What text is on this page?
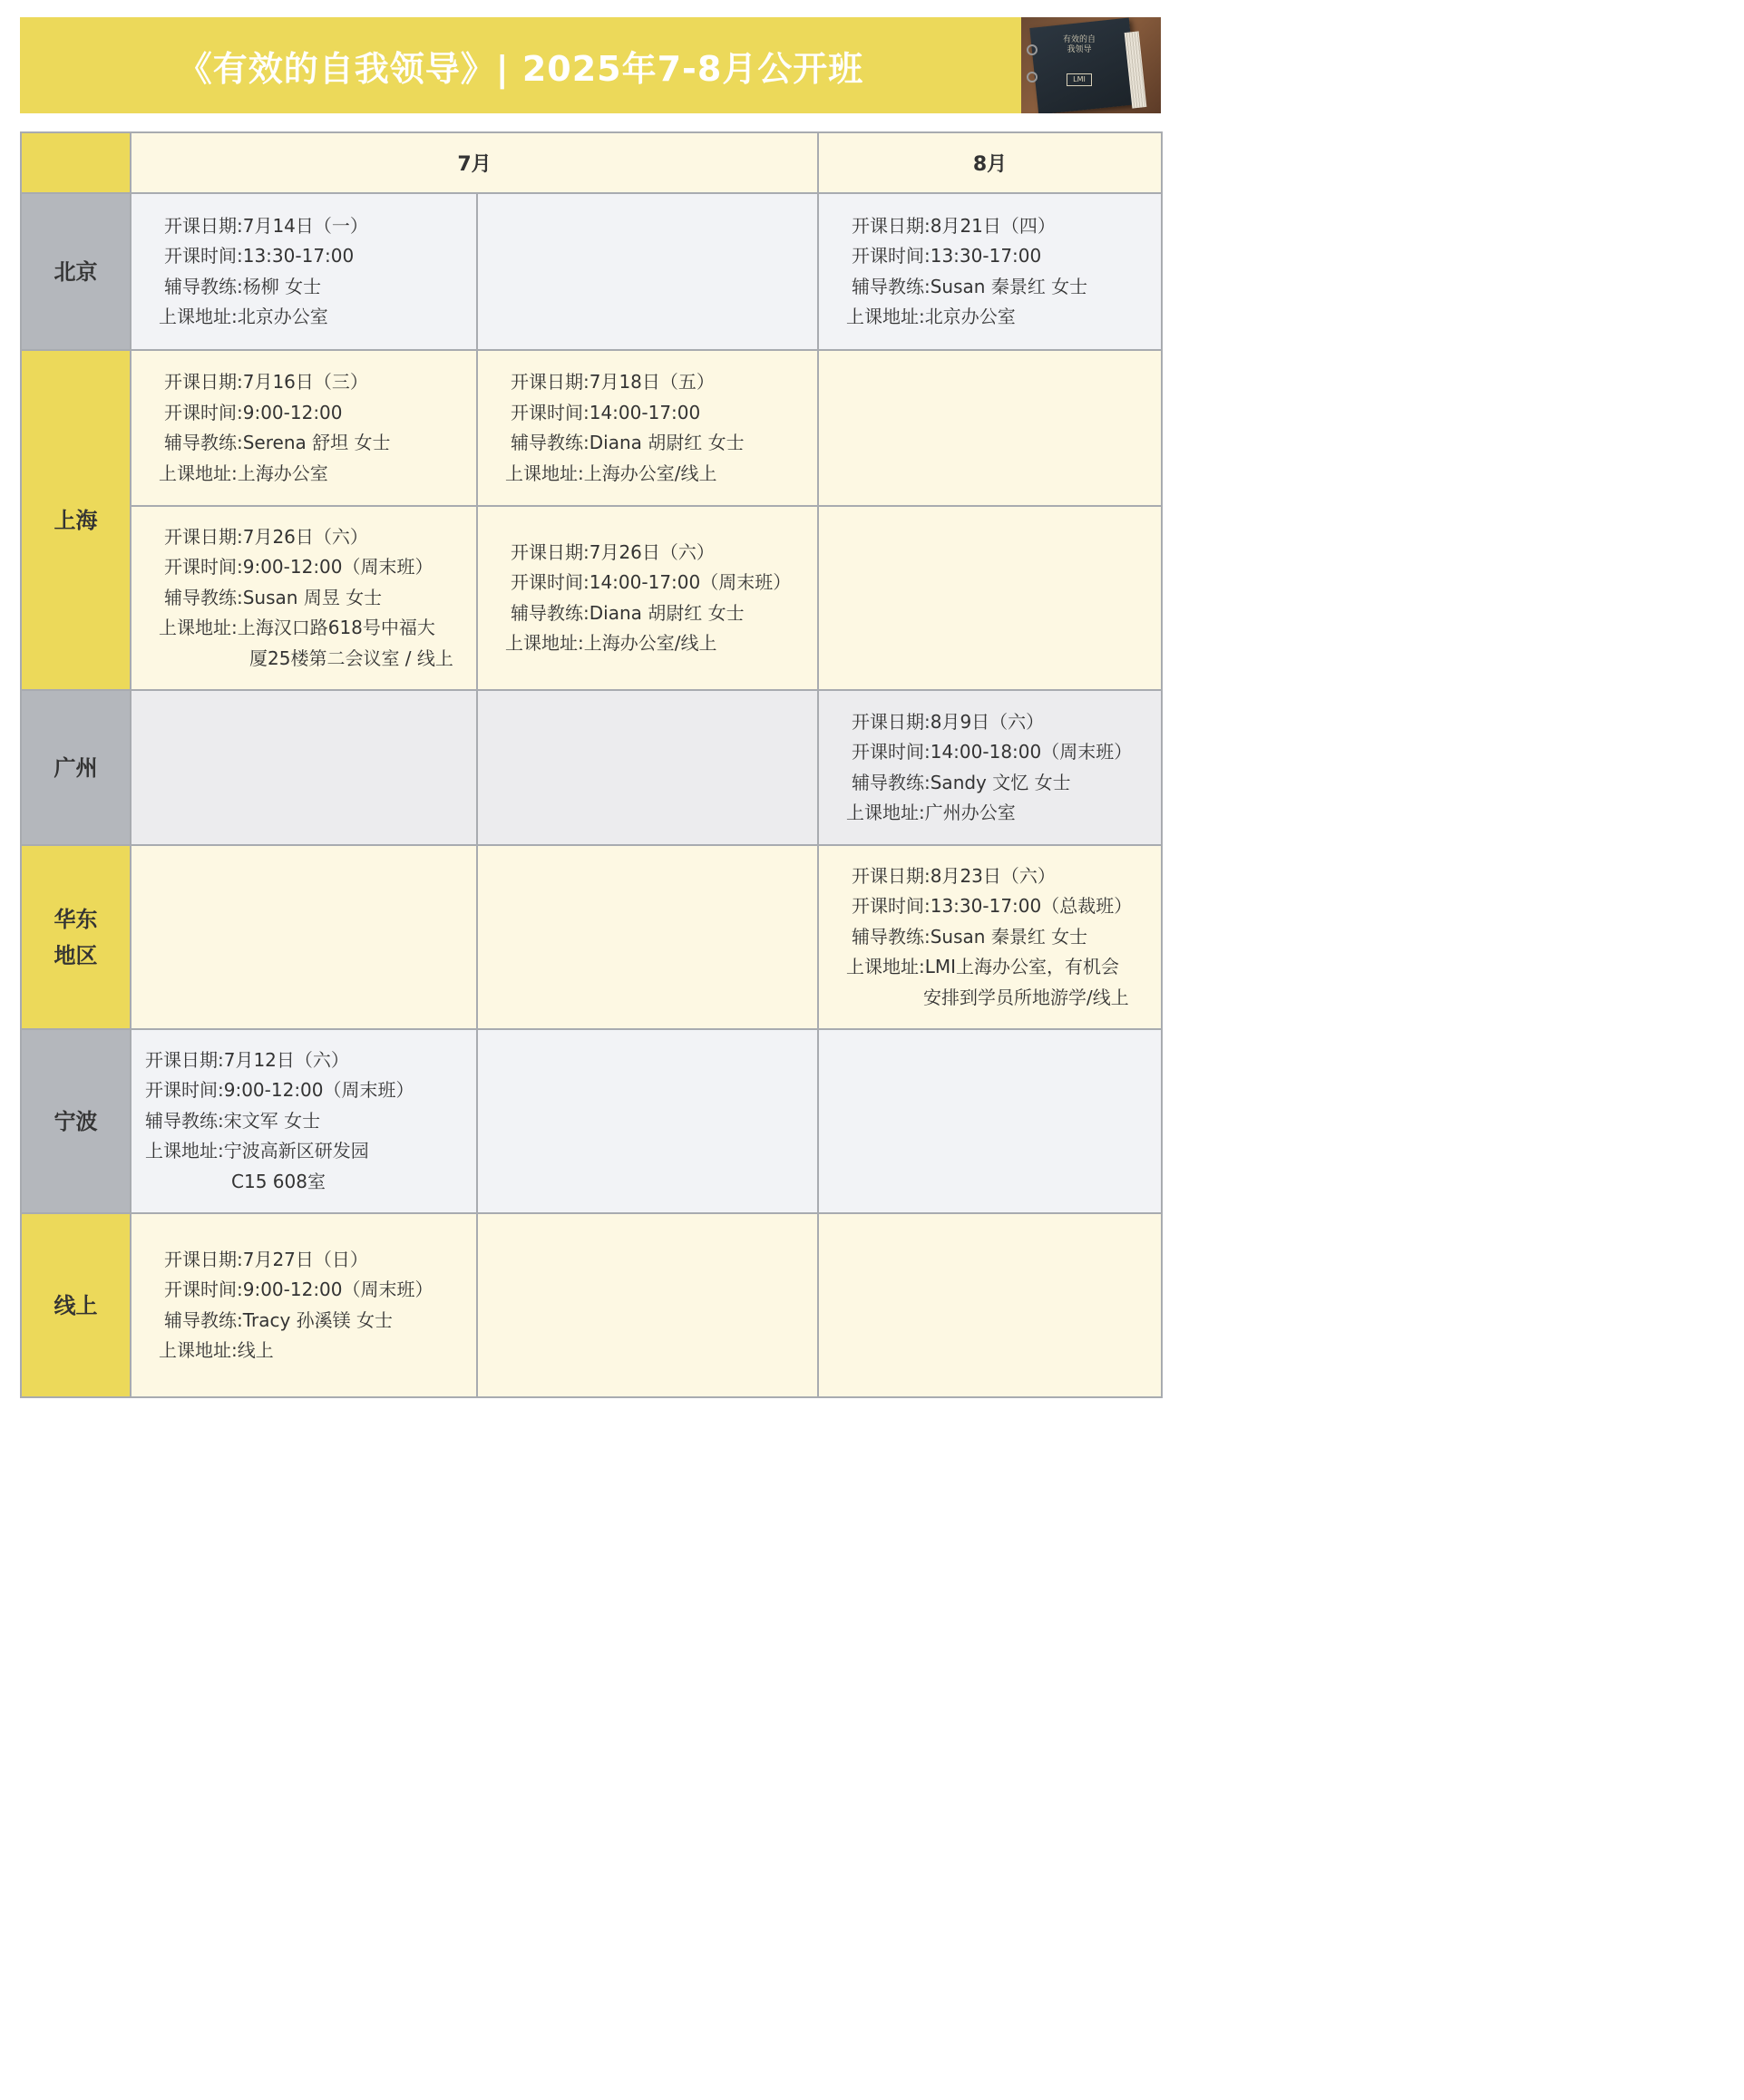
《有效的自我领导》| 2025年7-8月公开班
有效的自我领导
LMI
	7月		8月
北京	开课日期:7月14日（一）
开课时间:13:30-17:00
辅导教练:杨柳 女士
上课地址:北京办公室		开课日期:8月21日（四）
开课时间:13:30-17:00
辅导教练:Susan 秦景红 女士
上课地址:北京办公室

上海	开课日期:7月16日（三）
开课时间:9:00-12:00
辅导教练:Serena 舒坦 女士
上课地址:上海办公室	开课日期:7月18日（五）
开课时间:14:00-17:00
辅导教练:Diana 胡尉红 女士
上课地址:上海办公室/线上	

	开课日期:7月26日（六）
开课时间:9:00-12:00（周末班）
辅导教练:Susan 周昱 女士
上课地址:上海汉口路618号中福大
厦25楼第二会议室 / 线上	开课日期:7月26日（六）
开课时间:14:00-17:00（周末班）
辅导教练:Diana 胡尉红 女士
上课地址:上海办公室/线上	

广州			开课日期:8月9日（六）
开课时间:14:00-18:00（周末班）
辅导教练:Sandy 文忆 女士
上课地址:广州办公室

华东
地区			开课日期:8月23日（六）
开课时间:13:30-17:00（总裁班）
辅导教练:Susan 秦景红 女士
上课地址:LMI上海办公室，有机会
安排到学员所地游学/线上

宁波	开课日期:7月12日（六）
开课时间:9:00-12:00（周末班）
辅导教练:宋文军 女士
上课地址:宁波高新区研发园
C15 608室		

线上	开课日期:7月27日（日）
开课时间:9:00-12:00（周末班）
辅导教练:Tracy 孙溪镁 女士
上课地址:线上		
